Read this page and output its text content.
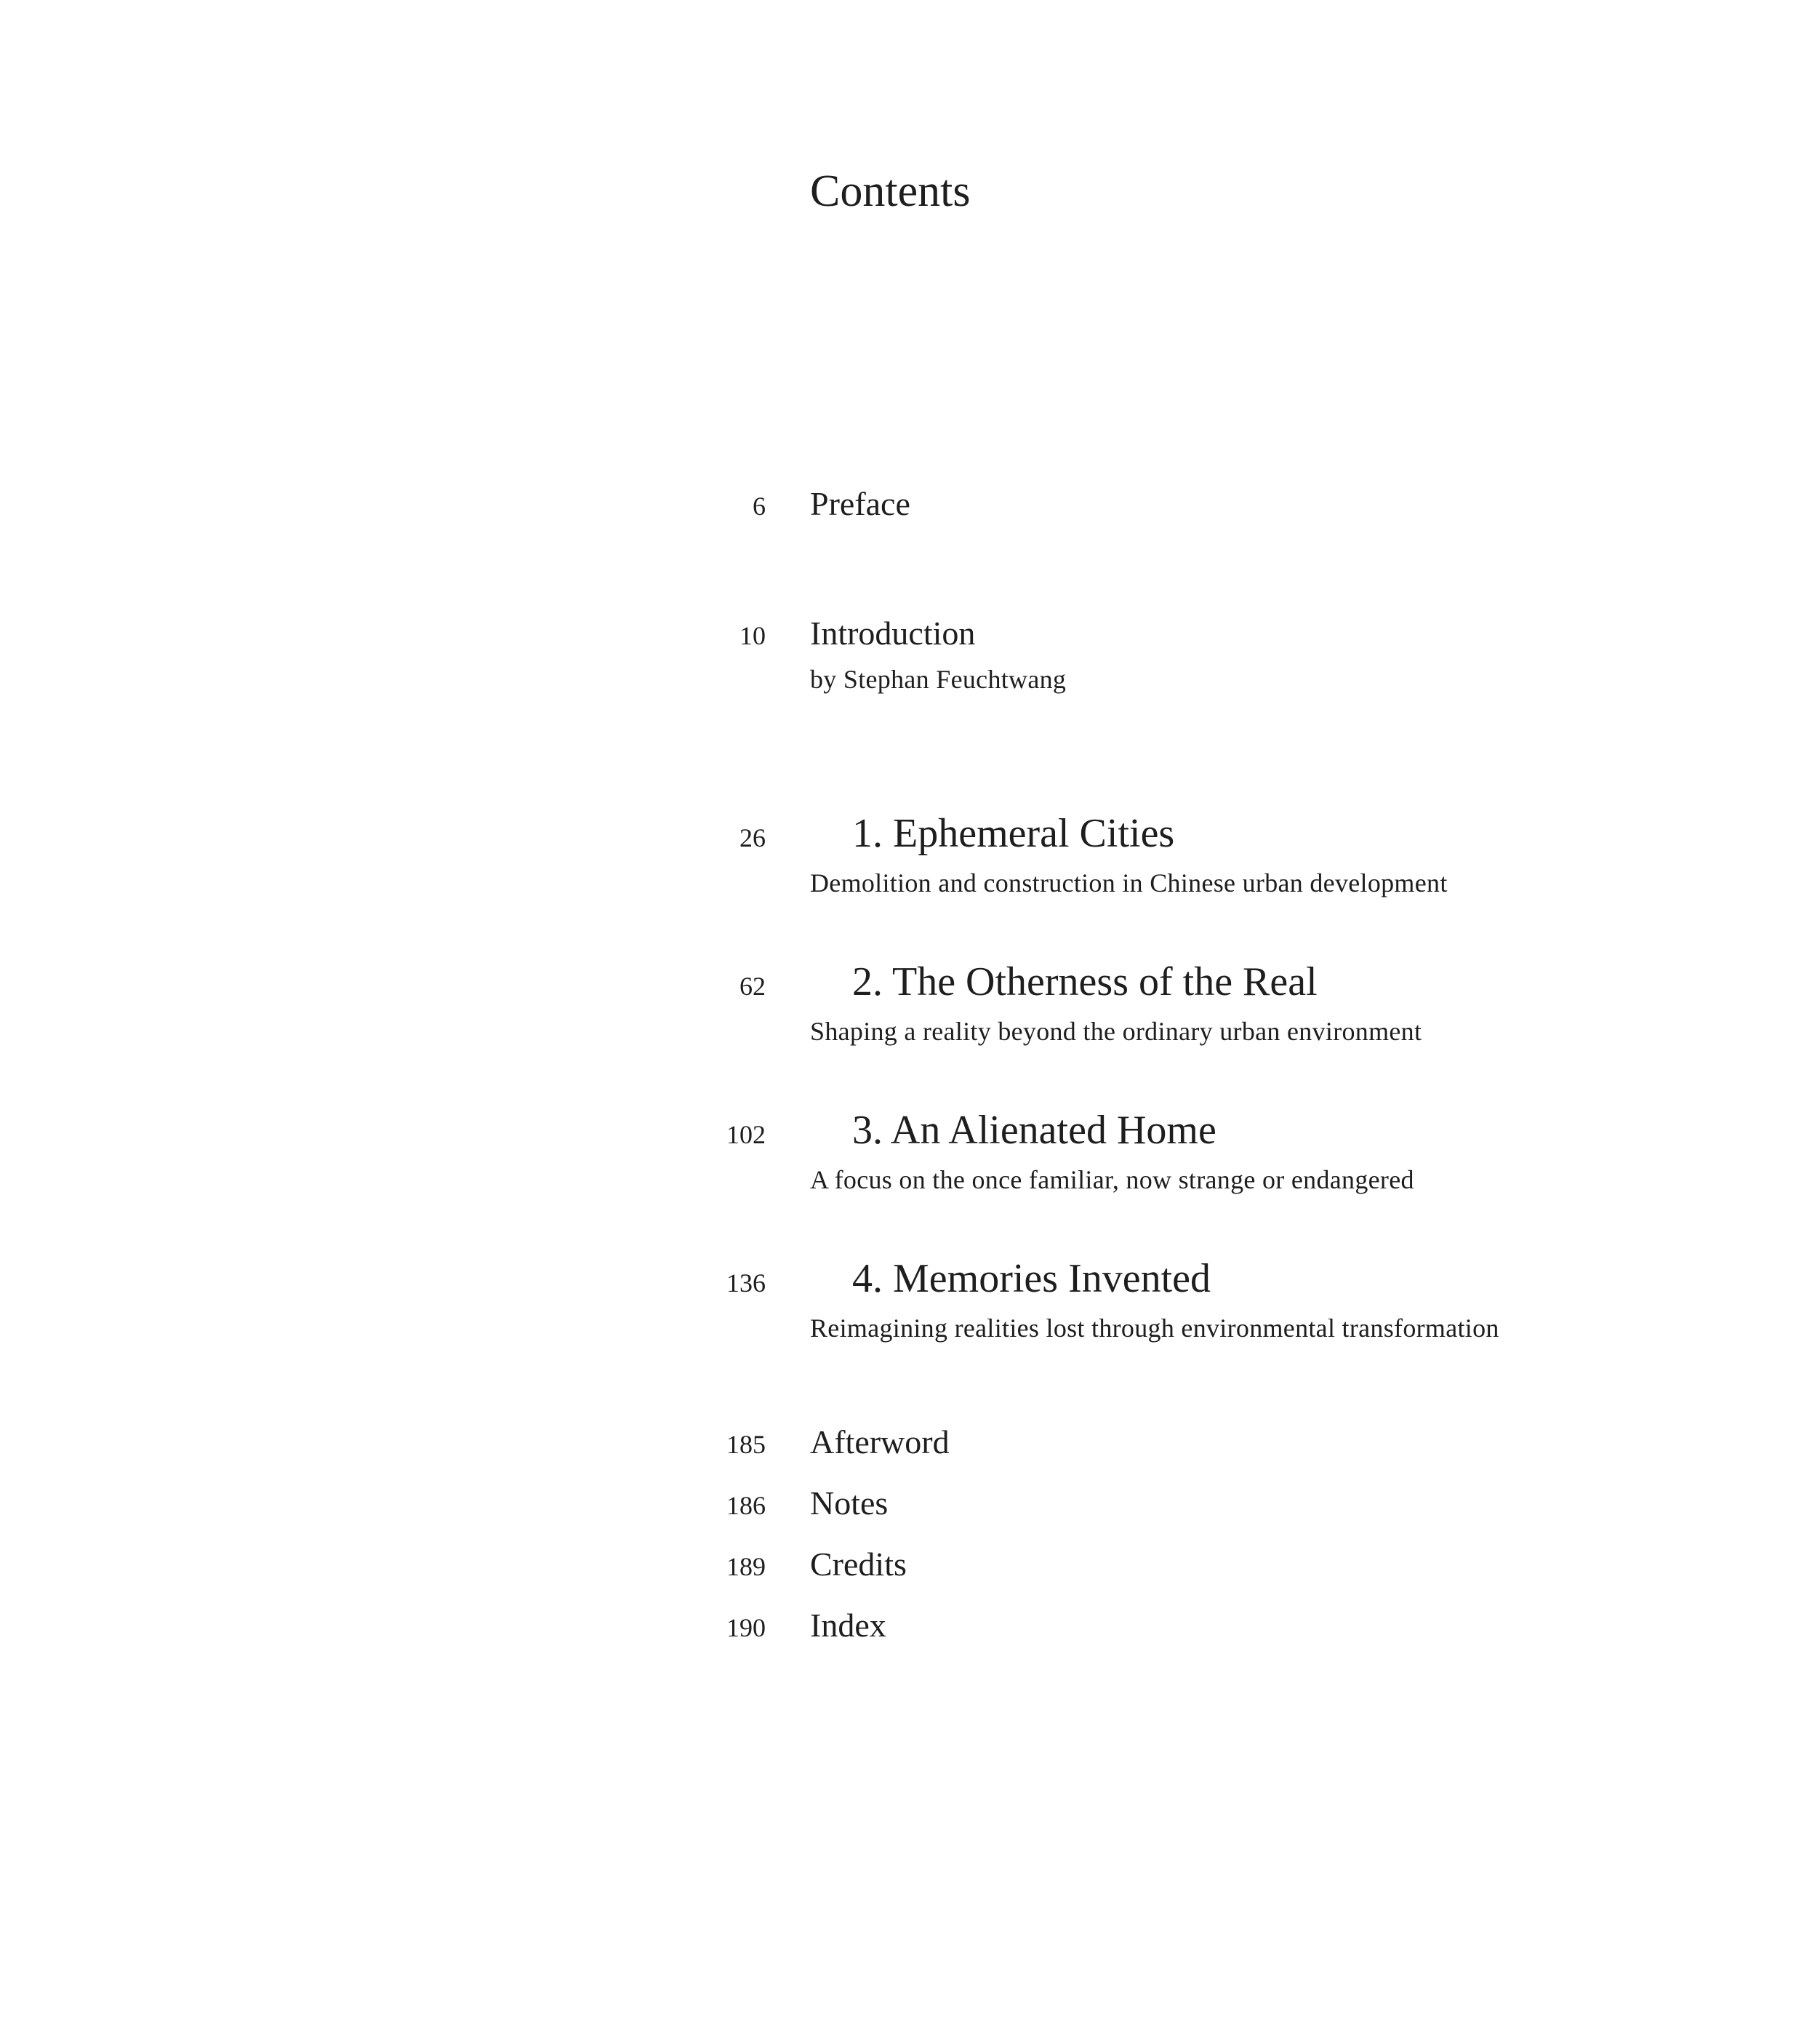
Contents
6 Preface
10 Introduction
by Stephan Feuchtwang
26 1. Ephemeral Cities
Demolition and construction in Chinese urban development
62 2. The Otherness of the Real
Shaping a reality beyond the ordinary urban environment
102 3. An Alienated Home
A focus on the once familiar, now strange or endangered
136 4. Memories Invented
Reimagining realities lost through environmental transformation
185 Afterword
186 Notes
189 Credits
190 Index
